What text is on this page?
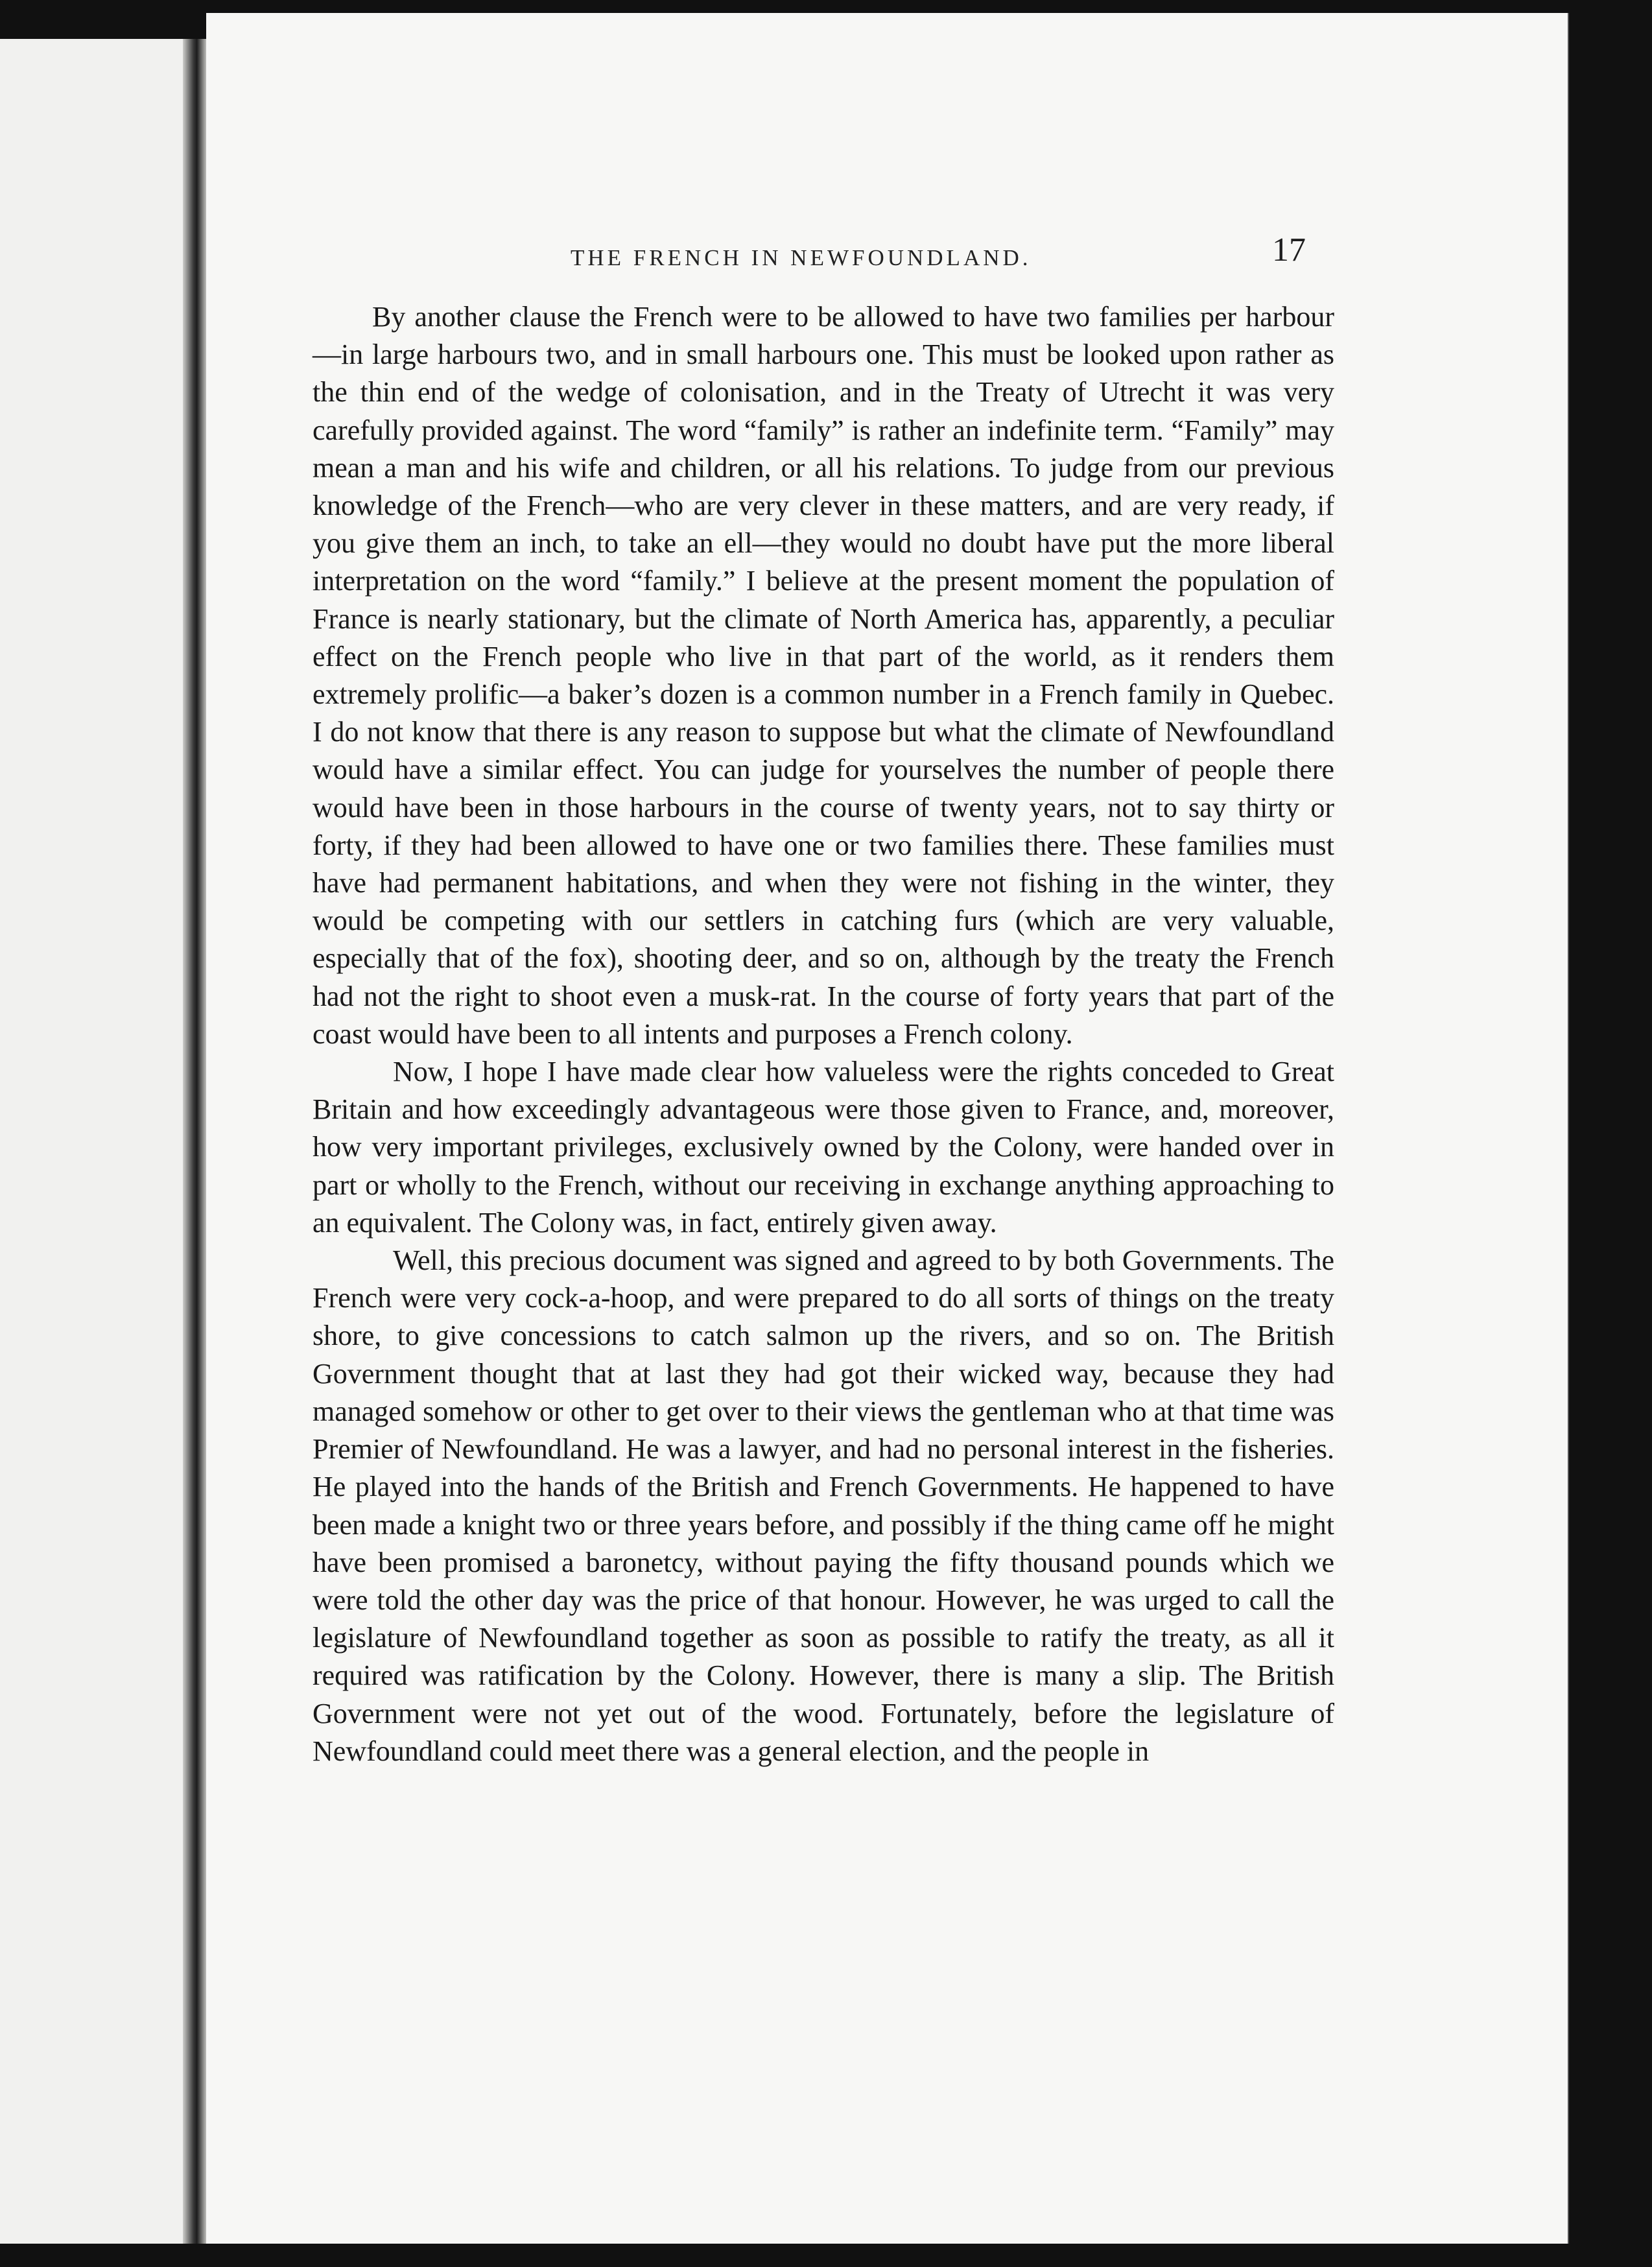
THE FRENCH IN NEWFOUNDLAND.	17

By another clause the French were to be allowed to have two families per harbour—in large harbours two, and in small harbours one. This must be looked upon rather as the thin end of the wedge of colonisation, and in the Treaty of Utrecht it was very carefully provided against. The word “family” is rather an indefinite term. “Family” may mean a man and his wife and children, or all his relations. To judge from our previous knowledge of the French—who are very clever in these matters, and are very ready, if you give them an inch, to take an ell—they would no doubt have put the more liberal interpretation on the word “family.” I believe at the present moment the population of France is nearly stationary, but the climate of North America has, apparently, a peculiar effect on the French people who live in that part of the world, as it renders them extremely prolific—a baker’s dozen is a common number in a French family in Quebec. I do not know that there is any reason to suppose but what the climate of Newfoundland would have a similar effect. You can judge for yourselves the number of people there would have been in those harbours in the course of twenty years, not to say thirty or forty, if they had been allowed to have one or two families there. These families must have had permanent habitations, and when they were not fishing in the winter, they would be competing with our settlers in catching furs (which are very valuable, especially that of the fox), shooting deer, and so on, although by the treaty the French had not the right to shoot even a musk-rat. In the course of forty years that part of the coast would have been to all intents and purposes a French colony.

Now, I hope I have made clear how valueless were the rights conceded to Great Britain and how exceedingly advantageous were those given to France, and, moreover, how very important privileges, exclusively owned by the Colony, were handed over in part or wholly to the French, without our receiving in exchange anything approaching to an equivalent. The Colony was, in fact, entirely given away.

Well, this precious document was signed and agreed to by both Governments. The French were very cock-a-hoop, and were prepared to do all sorts of things on the treaty shore, to give concessions to catch salmon up the rivers, and so on. The British Government thought that at last they had got their wicked way, because they had managed somehow or other to get over to their views the gentleman who at that time was Premier of Newfoundland. He was a lawyer, and had no personal interest in the fisheries. He played into the hands of the British and French Governments. He happened to have been made a knight two or three years before, and possibly if the thing came off he might have been promised a baronetcy, without paying the fifty thousand pounds which we were told the other day was the price of that honour. However, he was urged to call the legislature of Newfoundland together as soon as possible to ratify the treaty, as all it required was ratification by the Colony. However, there is many a slip. The British Government were not yet out of the wood. Fortunately, before the legislature of Newfoundland could meet there was a general election, and the people in
